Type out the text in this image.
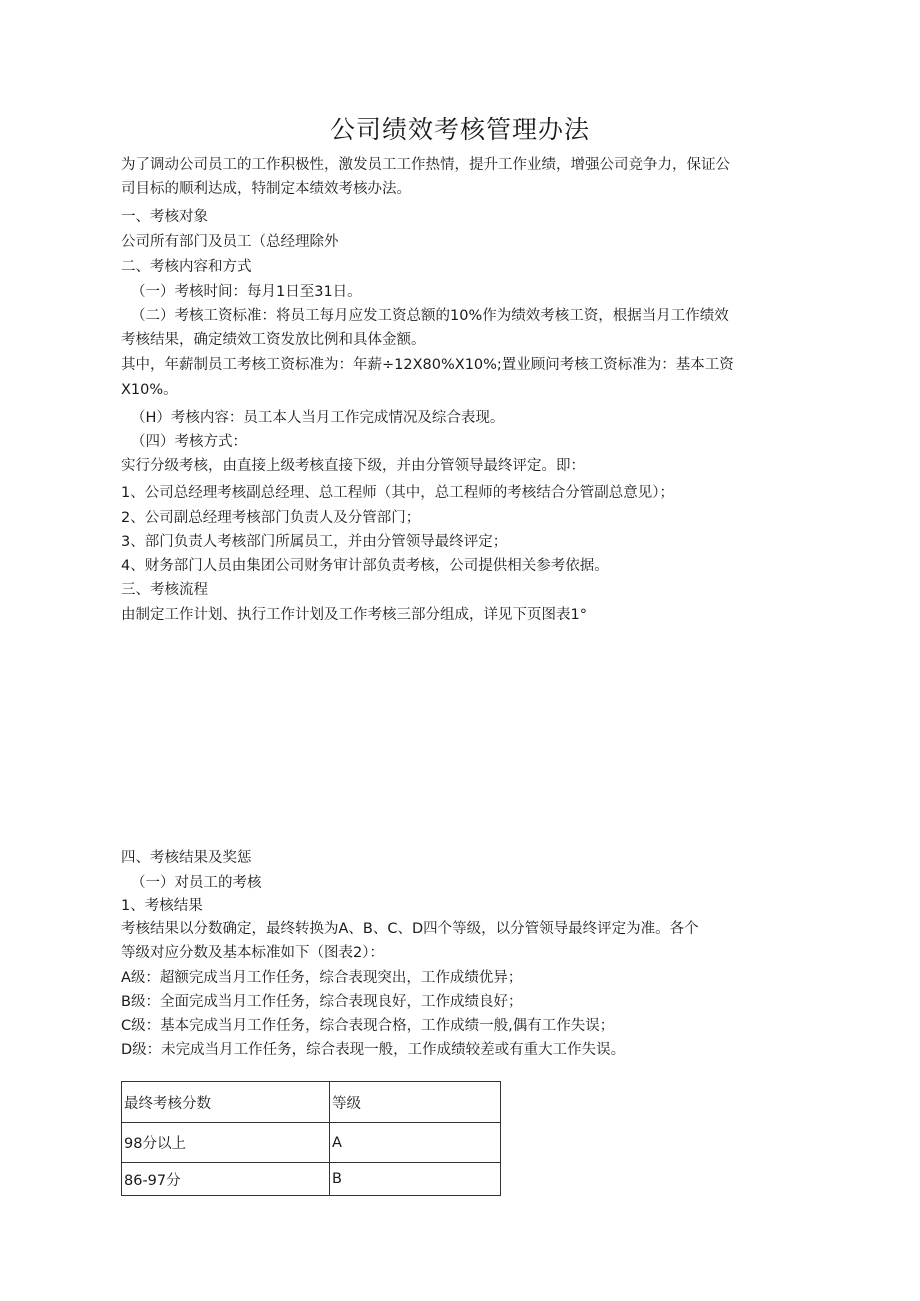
公司绩效考核管理办法

为了调动公司员工的工作积极性，激发员工工作热情，提升工作业绩，增强公司竞争力，保证公

司目标的顺利达成，特制定本绩效考核办法。

一、考核对象

公司所有部门及员工（总经理除外

二、考核内容和方式

（一）考核时间：每月1日至31日。

（二）考核工资标准：将员工每月应发工资总额的10%作为绩效考核工资，根据当月工作绩效

考核结果，确定绩效工资发放比例和具体金额。

其中，年薪制员工考核工资标准为：年薪÷12X80%X10%;置业顾问考核工资标准为：基本工资

X10%。

（H）考核内容：员工本人当月工作完成情况及综合表现。

（四）考核方式：

实行分级考核，由直接上级考核直接下级，并由分管领导最终评定。即：

1、公司总经理考核副总经理、总工程师（其中，总工程师的考核结合分管副总意见）；

2、公司副总经理考核部门负责人及分管部门；

3、部门负责人考核部门所属员工，并由分管领导最终评定；

4、财务部门人员由集团公司财务审计部负责考核，公司提供相关参考依据。

三、考核流程

由制定工作计划、执行工作计划及工作考核三部分组成，详见下页图表1°

四、考核结果及奖惩

（一）对员工的考核

1、考核结果

考核结果以分数确定，最终转换为A、B、C、D四个等级，以分管领导最终评定为准。各个

等级对应分数及基本标准如下（图表2）：

A级：超额完成当月工作任务，综合表现突出，工作成绩优异；

B级：全面完成当月工作任务，综合表现良好，工作成绩良好；

C级：基本完成当月工作任务，综合表现合格，工作成绩一般,偶有工作失误；

D级：未完成当月工作任务，综合表现一般，工作成绩较差或有重大工作失误。

最终考核分数	等级
98分以上	A
86-97分	B
